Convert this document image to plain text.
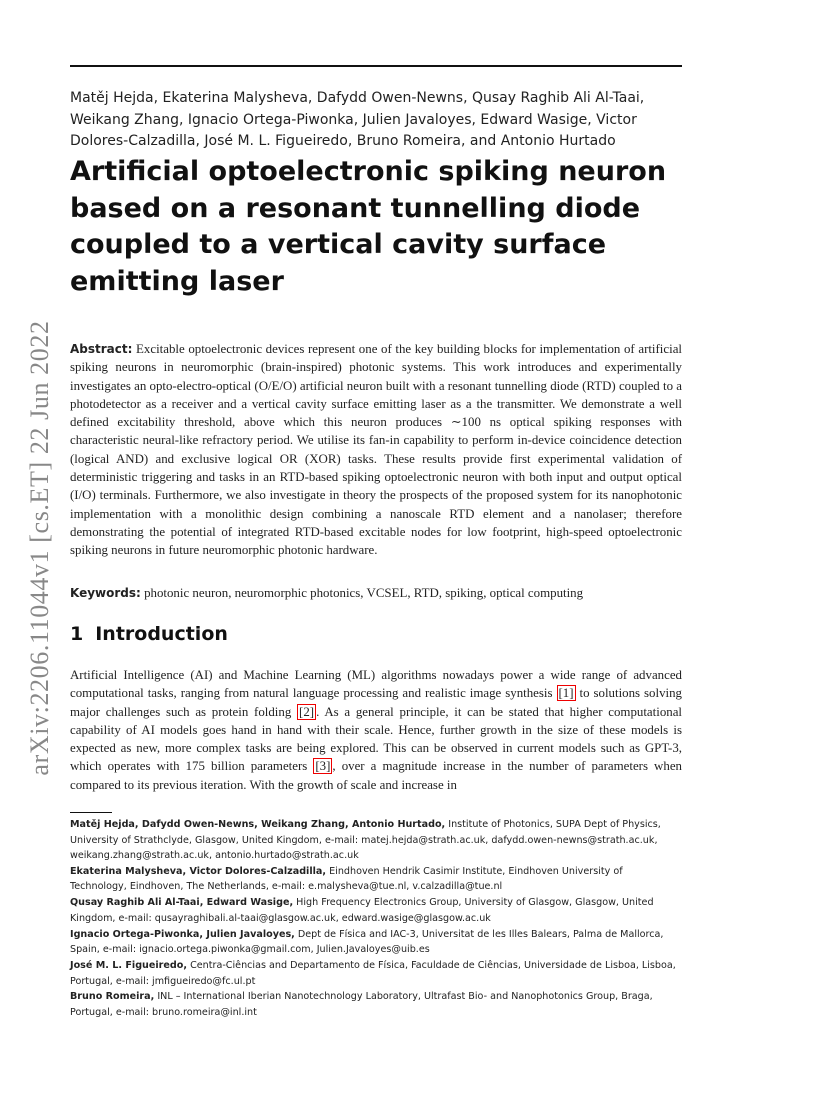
arXiv:2206.11044v1 [cs.ET] 22 Jun 2022
Matěj Hejda, Ekaterina Malysheva, Dafydd Owen-Newns, Qusay Raghib Ali Al-Taai, Weikang Zhang, Ignacio Ortega-Piwonka, Julien Javaloyes, Edward Wasige, Victor Dolores-Calzadilla, José M. L. Figueiredo, Bruno Romeira, and Antonio Hurtado
Artificial optoelectronic spiking neuron based on a resonant tunnelling diode coupled to a vertical cavity surface emitting laser

Abstract: Excitable optoelectronic devices represent one of the key building blocks for implementation of artificial spiking neurons in neuromorphic (brain-inspired) photonic systems. This work introduces and experimentally investigates an opto-electro-optical (O/E/O) artificial neuron built with a resonant tunnelling diode (RTD) coupled to a photodetector as a receiver and a vertical cavity surface emitting laser as a the transmitter. We demonstrate a well defined excitability threshold, above which this neuron produces ∼100 ns optical spiking responses with characteristic neural-like refractory period. We utilise its fan-in capability to perform in-device coincidence detection (logical AND) and exclusive logical OR (XOR) tasks. These results provide first experimental validation of deterministic triggering and tasks in an RTD-based spiking optoelectronic neuron with both input and output optical (I/O) terminals. Furthermore, we also investigate in theory the prospects of the proposed system for its nanophotonic implementation with a monolithic design combining a nanoscale RTD element and a nanolaser; therefore demonstrating the potential of integrated RTD-based excitable nodes for low footprint, high-speed optoelectronic spiking neurons in future neuromorphic photonic hardware.

Keywords: photonic neuron, neuromorphic photonics, VCSEL, RTD, spiking, optical computing

1 Introduction

Artificial Intelligence (AI) and Machine Learning (ML) algorithms nowadays power a wide range of advanced computational tasks, ranging from natural language processing and realistic image synthesis [1] to solutions solving major challenges such as protein folding [2] . As a general principle, it can be stated that higher computational capability of AI models goes hand in hand with their scale. Hence, further growth in the size of these models is expected as new, more complex tasks are being explored. This can be observed in current models such as GPT-3, which operates with 175 billion parameters [3] , over a magnitude increase in the number of parameters when compared to its previous iteration. With the growth of scale and increase in

Matěj Hejda, Dafydd Owen-Newns, Weikang Zhang, Antonio Hurtado, Institute of Photonics, SUPA Dept of Physics, University of Strathclyde, Glasgow, United Kingdom, e-mail: matej.hejda@strath.ac.uk, dafydd.owen-newns@strath.ac.uk, weikang.zhang@strath.ac.uk, antonio.hurtado@strath.ac.uk

Ekaterina Malysheva, Victor Dolores-Calzadilla, Eindhoven Hendrik Casimir Institute, Eindhoven University of Technology, Eindhoven, The Netherlands, e-mail: e.malysheva@tue.nl, v.calzadilla@tue.nl

Qusay Raghib Ali Al-Taai, Edward Wasige, High Frequency Electronics Group, University of Glasgow, Glasgow, United Kingdom, e-mail: qusayraghibali.al-taai@glasgow.ac.uk, edward.wasige@glasgow.ac.uk

Ignacio Ortega-Piwonka, Julien Javaloyes, Dept de Física and IAC-3, Universitat de les Illes Balears, Palma de Mallorca, Spain, e-mail: ignacio.ortega.piwonka@gmail.com, Julien.Javaloyes@uib.es

José M. L. Figueiredo, Centra-Ciências and Departamento de Física, Faculdade de Ciências, Universidade de Lisboa, Lisboa, Portugal, e-mail: jmfigueiredo@fc.ul.pt

Bruno Romeira, INL – International Iberian Nanotechnology Laboratory, Ultrafast Bio- and Nanophotonics Group, Braga, Portugal, e-mail: bruno.romeira@inl.int
